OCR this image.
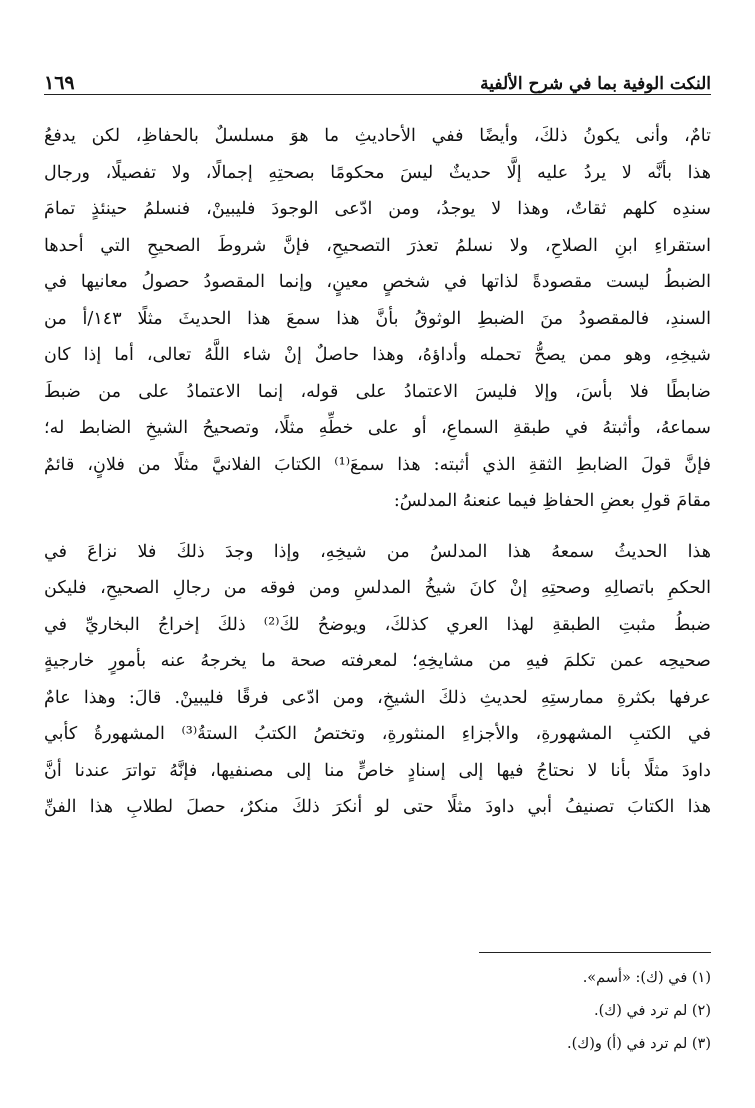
النكت الوفية بما في شرح الألفية
١٦٩
تامٌ، وأنى يكونُ ذلكَ، وأيضًا ففي الأحاديثِ ما هوَ مسلسلٌ بالحفاظِ، لكن يدفعُ
هذا بأنَّه لا يردُ عليه إلَّا حديثٌ ليسَ محكومًا بصحتِهِ إجمالًا، ولا تفصيلًا، ورجال
سندِه كلهم ثقاتٌ، وهذا لا يوجدُ، ومن ادّعى الوجودَ فليبينْ، فنسلمُ حينئذٍ تمامَ
استقراءِ ابنِ الصلاحِ، ولا نسلمُ تعذرَ التصحيحِ، فإنَّ شروطَ الصحيحِ التي أحدها
الضبطُ ليست مقصودةً لذاتها في شخصٍ معينٍ، وإنما المقصودُ حصولُ معانيها في
السندِ، فالمقصودُ منَ الضبطِ الوثوقُ بأنَّ هذا سمعَ هذا الحديثَ مثلًا ١٤٣/أ من
شيخِهِ، وهو ممن يصحُّ تحمله وأداؤهُ، وهذا حاصلٌ إنْ شاء اللَّهُ تعالى، أما إذا كان
ضابطًا فلا بأسَ، وإلا فليسَ الاعتمادُ على قوله، إنما الاعتمادُ على من ضبطَ
سماعهُ، وأثبتهُ في طبقةِ السماعِ، أو على خطِّهِ مثلًا، وتصحيحُ الشيخِ الضابط له؛
فإنَّ قولَ الضابطِ الثقةِ الذي أثبته: هذا سمعَ⁽¹⁾ الكتابَ الفلانيَّ مثلًا من فلانٍ، قائمٌ
مقامَ قولِ بعضِ الحفاظِ فيما عنعنهُ المدلسُ:
هذا الحديثُ سمعهُ هذا المدلسُ من شيخِهِ، وإذا وجدَ ذلكَ فلا نزاعَ في
الحكمِ باتصالِهِ وصحتِهِ إنْ كانَ شيخُ المدلسِ ومن فوقه من رجالِ الصحيحِ، فليكن
ضبطُ مثبتِ الطبقةِ لهذا العري كذلكَ، ويوضحُ لكَ⁽²⁾ ذلكَ إخراجُ البخاريِّ في
صحيحِه عمن تكلمَ فيهِ من مشايخِهِ؛ لمعرفته صحة ما يخرجهُ عنه بأمورٍ خارجيةٍ
عرفها بكثرةِ ممارستِهِ لحديثِ ذلكَ الشيخِ، ومن ادّعى فرقًا فليبينْ. قالَ: وهذا عامٌ
في الكتبِ المشهورةِ، والأجزاءِ المنثورةِ، وتختصُ الكتبُ الستةُ⁽³⁾ المشهورةُ كأبي
داودَ مثلًا بأنا لا نحتاجُ فيها إلى إسنادٍ خاصٍّ منا إلى مصنفيها، فإنَّهُ تواترَ عندنا أنَّ
هذا الكتابَ تصنيفُ أبي داودَ مثلًا حتى لو أنكرَ ذلكَ منكرٌ، حصلَ لطلابِ هذا الفنِّ
(١) في (ك): «أسم».
(٢) لم ترد في (ك).
(٣) لم ترد في (أ) و(ك).
